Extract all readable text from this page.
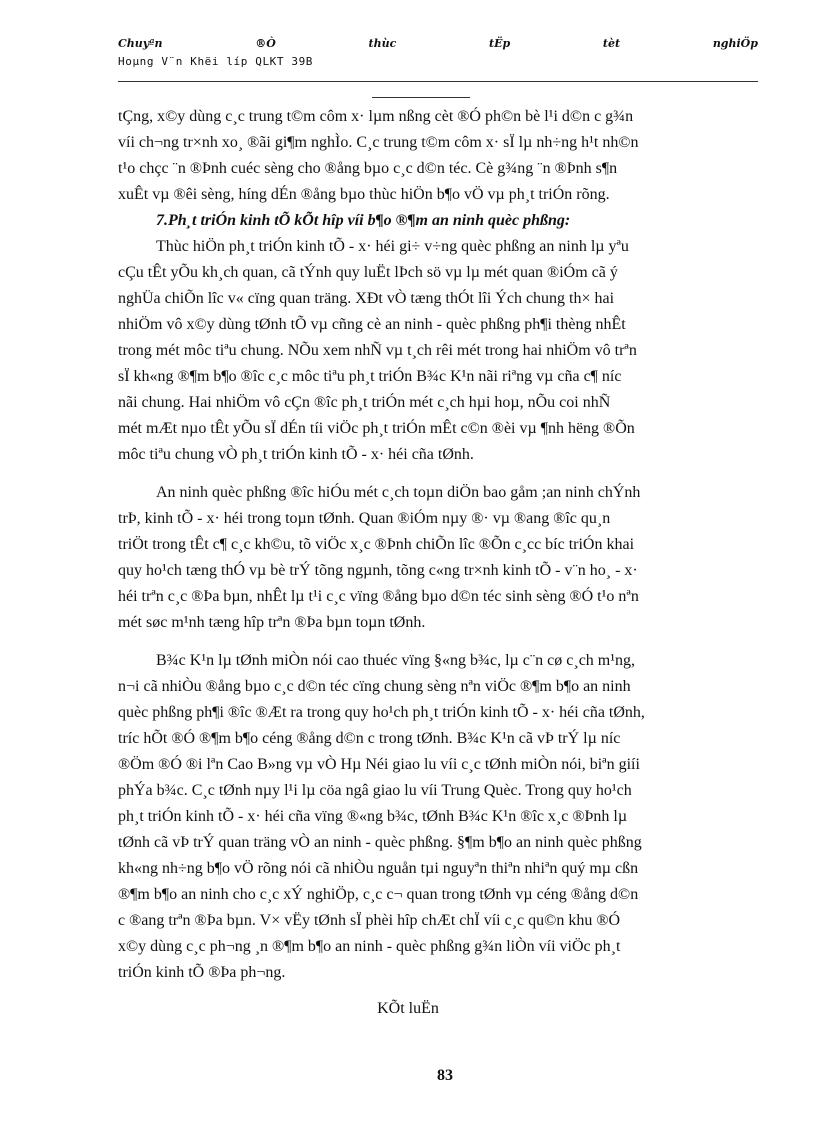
Chuyªn	®Ò	thùc	tËp	tèt	nghiÖp
Hoµng V¨n Khëi líp QLKT 39B
tÇng, x©y dùng c¸c trung t©m côm x· lµm nßng cèt ®Ó ph©n bè l¹i d©n c g¾n
víi ch¬ng tr×nh xo¸ ®ãi gi¶m nghÌo. C¸c trung t©m côm x· sÏ lµ nh÷ng h¹t nh©n
t¹o chçc ¨n ®Þnh cuéc sèng cho ®ång bµo c¸c d©n téc. Cè g¾ng ¨n ®Þnh s¶n
xuÊt vµ ®êi sèng, híng dÉn ®ång bµo thùc hiÖn b¶o vÖ vµ ph¸t triÓn rõng.
7.Ph¸t triÓn kinh tÕ kÕt hîp víi b¶o ®¶m an ninh quèc phßng:
Thùc hiÖn ph¸t triÓn kinh tÕ - x· héi gi÷ v÷ng quèc phßng an ninh lµ yªu
cÇu tÊt yÕu kh¸ch quan, cã tÝnh quy luËt lÞch sö vµ lµ mét quan ®iÓm cã ý
nghÜa chiÕn lîc v« cïng quan träng. XÐt vÒ tæng thÓt lîi Ých chung th× hai
nhiÖm vô x©y dùng tØnh tÕ vµ cñng cè an ninh - quèc phßng ph¶i thèng nhÊt
trong mét môc tiªu chung. NÕu xem nhÑ vµ t¸ch rêi mét trong hai nhiÖm vô trªn
sÏ kh«ng ®¶m b¶o ®îc c¸c môc tiªu ph¸t triÓn B¾c K¹n nãi riªng vµ cña c¶ níc
nãi chung. Hai nhiÖm vô cÇn ®îc ph¸t triÓn mét c¸ch hµi hoµ, nÕu coi nhÑ
mét mÆt nµo tÊt yÕu sÏ dÉn tíi viÖc ph¸t triÓn mÊt c©n ®èi vµ ¶nh hëng ®Õn
môc tiªu chung vÒ ph¸t triÓn kinh tÕ - x· héi cña tØnh.
An ninh quèc phßng ®îc hiÓu mét c¸ch toµn diÖn bao gåm ;an ninh chÝnh
trÞ, kinh tÕ - x· héi trong toµn tØnh. Quan ®iÓm nµy ®· vµ ®ang ®îc qu¸n
triÖt trong tÊt c¶ c¸c kh©u, tõ viÖc x¸c ®Þnh chiÕn lîc ®Õn c¸cc bíc triÓn khai
quy ho¹ch tæng thÓ vµ bè trÝ tõng ngµnh, tõng c«ng tr×nh kinh tÕ - v¨n ho¸ - x·
héi trªn c¸c ®Þa bµn, nhÊt lµ t¹i c¸c vïng ®ång bµo d©n téc sinh sèng ®Ó t¹o nªn
mét søc m¹nh tæng hîp trªn ®Þa bµn toµn tØnh.
B¾c K¹n lµ tØnh miÒn nói cao thuéc vïng §«ng b¾c, lµ c¨n cø c¸ch m¹ng,
n¬i cã nhiÒu ®ång bµo c¸c d©n téc cïng chung sèng nªn viÖc ®¶m b¶o an ninh
quèc phßng ph¶i ®îc ®Æt ra trong quy ho¹ch ph¸t triÓn kinh tÕ - x· héi cña tØnh,
tríc hÕt ®Ó ®¶m b¶o céng ®ång d©n c trong tØnh. B¾c K¹n cã vÞ trÝ lµ níc
®Öm ®Ó ®i lªn Cao B»ng vµ vÒ Hµ Néi giao lu víi c¸c tØnh miÒn nói, biªn giíi
phÝa b¾c. C¸c tØnh nµy l¹i lµ cöa ngâ giao lu víi Trung Quèc. Trong quy ho¹ch
ph¸t triÓn kinh tÕ - x· héi cña vïng ®«ng b¾c, tØnh B¾c K¹n ®îc x¸c ®Þnh lµ
tØnh cã vÞ trÝ quan träng vÒ an ninh - quèc phßng. §¶m b¶o an ninh quèc phßng
kh«ng nh÷ng b¶o vÖ rõng nói cã nhiÒu nguån tµi nguyªn thiªn nhiªn quý mµ cßn
®¶m b¶o an ninh cho c¸c xÝ nghiÖp, c¸c c¬ quan trong tØnh vµ céng ®ång d©n
c ®ang trªn ®Þa bµn. V× vËy tØnh sÏ phèi hîp chÆt chÏ víi c¸c qu©n khu ®Ó
x©y dùng c¸c ph¬ng ¸n ®¶m b¶o an ninh - quèc phßng g¾n liÒn víi viÖc ph¸t
triÓn kinh tÕ ®Þa ph¬ng.
KÕt luËn
83
